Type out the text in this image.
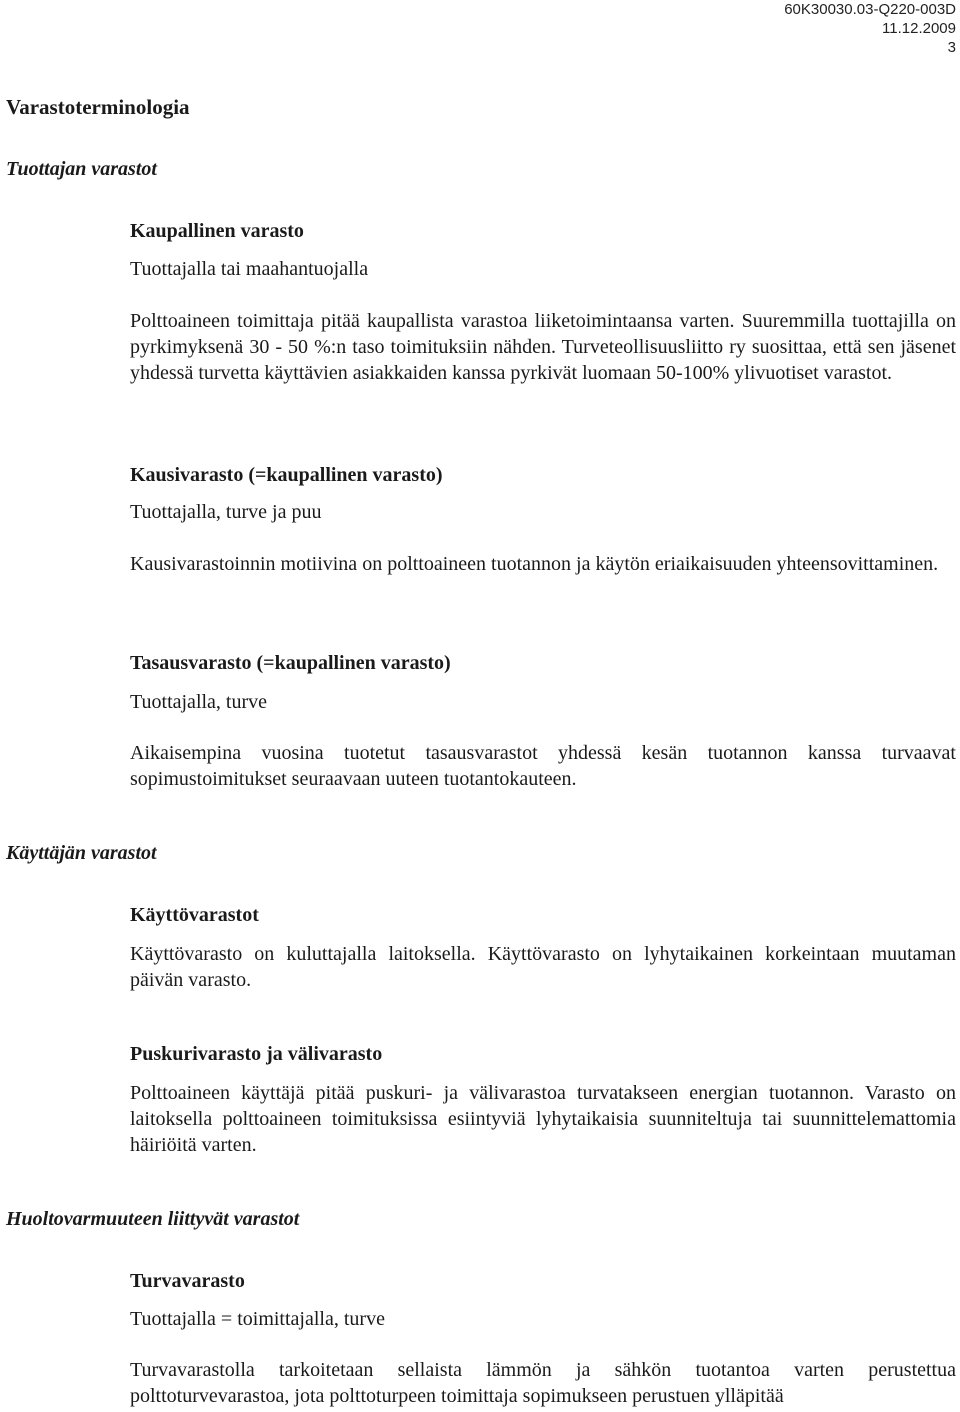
60K30030.03-Q220-003D
11.12.2009
3
Varastoterminologia
Tuottajan varastot
Kaupallinen varasto
Tuottajalla tai maahantuojalla
Polttoaineen toimittaja pitää kaupallista varastoa liiketoimintaansa varten. Suuremmilla tuottajilla on pyrkimyksenä 30 - 50 %:n taso toimituksiin nähden. Turveteollisuusliitto ry suosittaa, että sen jäsenet yhdessä turvetta käyttävien asiakkaiden kanssa pyrkivät luomaan 50-100% ylivuotiset varastot.
Kausivarasto (=kaupallinen varasto)
Tuottajalla, turve ja puu
Kausivarastoinnin motiivina on polttoaineen tuotannon ja käytön eriaikaisuuden yhteensovittaminen.
Tasausvarasto (=kaupallinen varasto)
Tuottajalla, turve
Aikaisempina vuosina tuotetut tasausvarastot yhdessä kesän tuotannon kanssa turvaavat sopimustoimitukset seuraavaan uuteen tuotantokauteen.
Käyttäjän varastot
Käyttövarastot
Käyttövarasto on kuluttajalla laitoksella. Käyttövarasto on lyhytaikainen korkeintaan muutaman päivän varasto.
Puskurivarasto ja välivarasto
Polttoaineen käyttäjä pitää puskuri- ja välivarastoa turvatakseen energian tuotannon. Varasto on laitoksella polttoaineen toimituksissa esiintyviä lyhytaikaisia suunniteltuja tai suunnittelemattomia häiriöitä varten.
Huoltovarmuuteen liittyvät varastot
Turvavarasto
Tuottajalla = toimittajalla, turve
Turvavarastolla tarkoitetaan sellaista lämmön ja sähkön tuotantoa varten perustettua polttoturvevarastoa, jota polttoturpeen toimittaja sopimukseen perustuen ylläpitää
